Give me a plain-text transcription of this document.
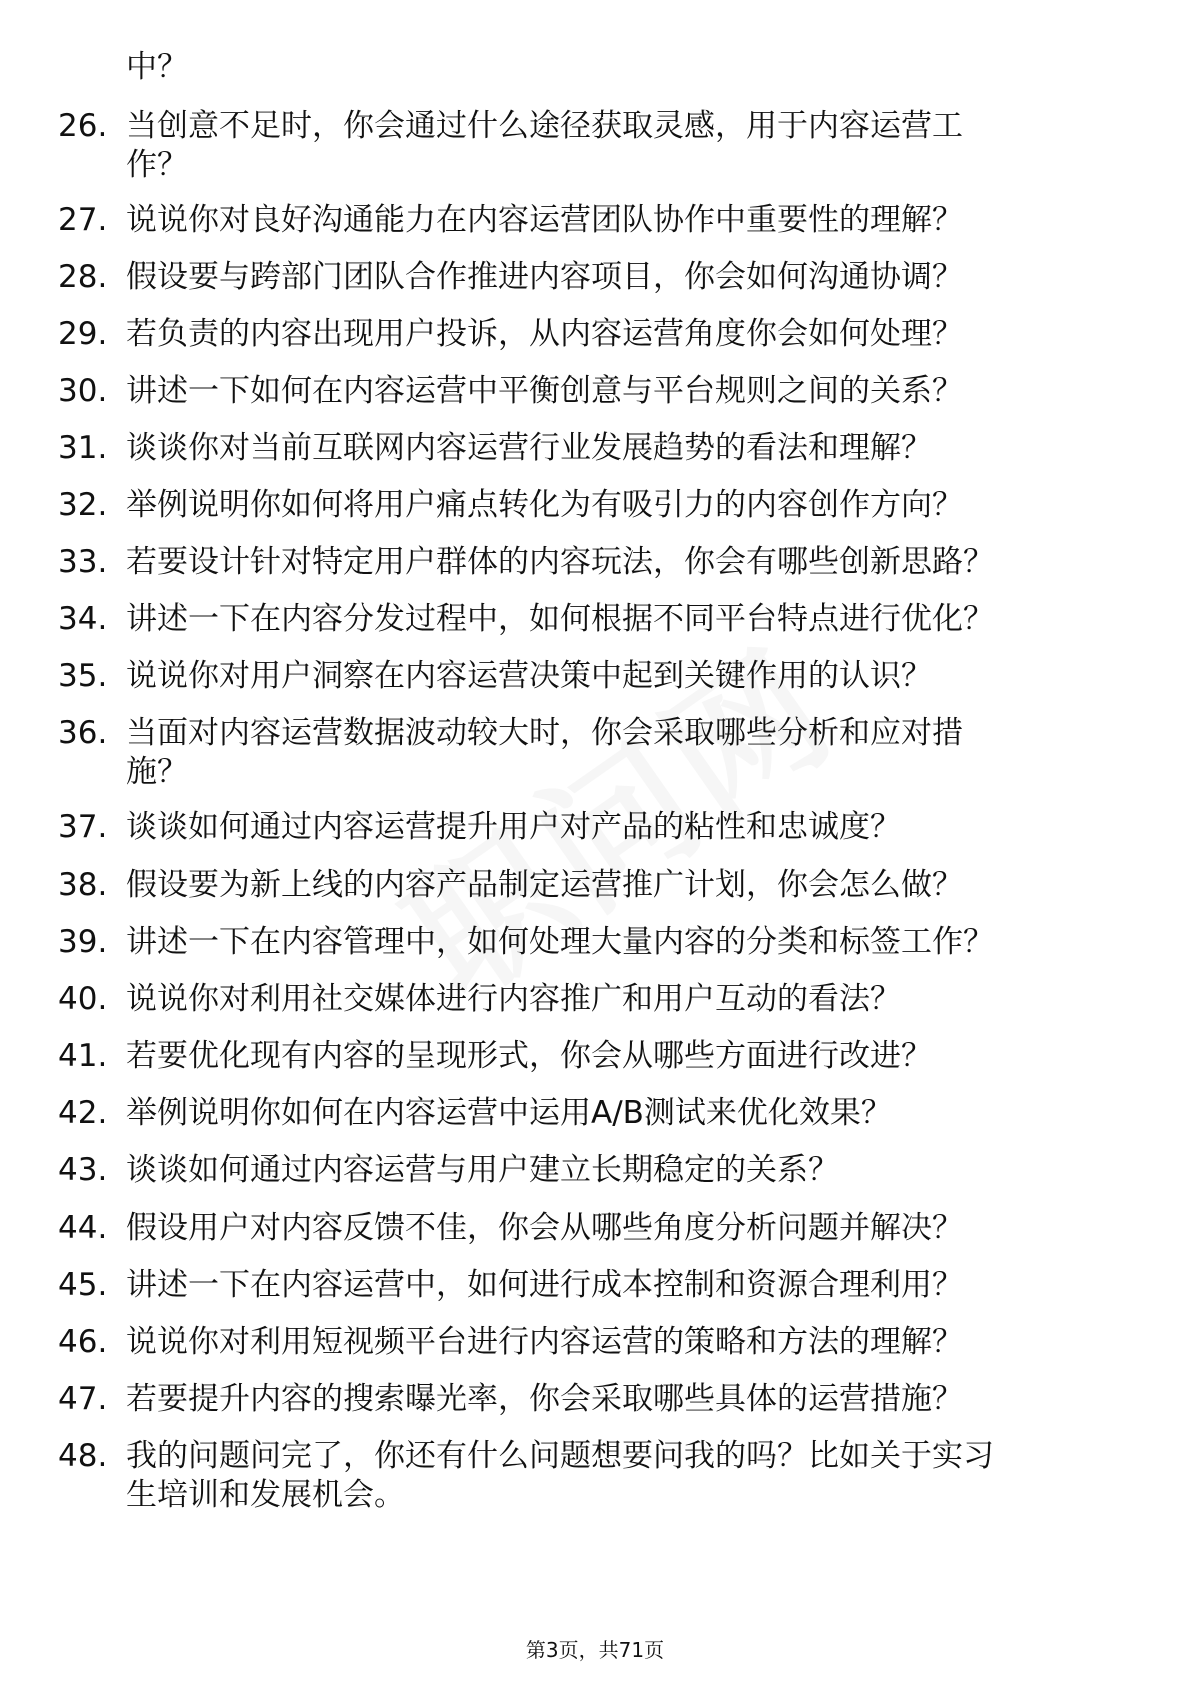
中？
26. 当创意不足时，你会通过什么途径获取灵感，用于内容运营工
作？
27. 说说你对良好沟通能力在内容运营团队协作中重要性的理解？
28. 假设要与跨部门团队合作推进内容项目，你会如何沟通协调？
29. 若负责的内容出现用户投诉，从内容运营角度你会如何处理？
30. 讲述一下如何在内容运营中平衡创意与平台规则之间的关系？
31. 谈谈你对当前互联网内容运营行业发展趋势的看法和理解？
32. 举例说明你如何将用户痛点转化为有吸引力的内容创作方向？
33. 若要设计针对特定用户群体的内容玩法，你会有哪些创新思路？
34. 讲述一下在内容分发过程中，如何根据不同平台特点进行优化？
35. 说说你对用户洞察在内容运营决策中起到关键作用的认识？
36. 当面对内容运营数据波动较大时，你会采取哪些分析和应对措
施？
37. 谈谈如何通过内容运营提升用户对产品的粘性和忠诚度？
38. 假设要为新上线的内容产品制定运营推广计划，你会怎么做？
39. 讲述一下在内容管理中，如何处理大量内容的分类和标签工作？
40. 说说你对利用社交媒体进行内容推广和用户互动的看法？
41. 若要优化现有内容的呈现形式，你会从哪些方面进行改进？
42. 举例说明你如何在内容运营中运用A/B测试来优化效果？
43. 谈谈如何通过内容运营与用户建立长期稳定的关系？
44. 假设用户对内容反馈不佳，你会从哪些角度分析问题并解决？
45. 讲述一下在内容运营中，如何进行成本控制和资源合理利用？
46. 说说你对利用短视频平台进行内容运营的策略和方法的理解？
47. 若要提升内容的搜索曝光率，你会采取哪些具体的运营措施？
48. 我的问题问完了，你还有什么问题想要问我的吗？比如关于实习
生培训和发展机会。
第3页，共71页
